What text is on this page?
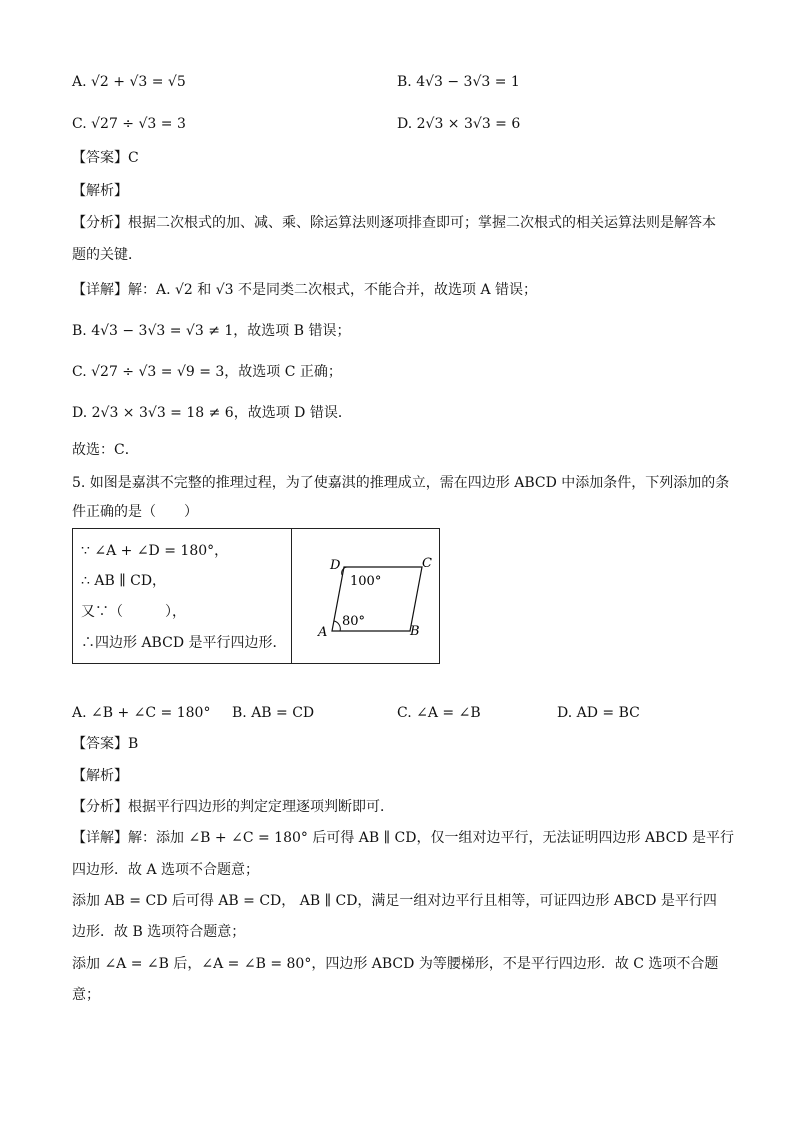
A. √2 + √3 = √5	B. 4√3 − 3√3 = 1
C. √27 ÷ √3 = 3	D. 2√3 × 3√3 = 6
【答案】C
【解析】
【分析】根据二次根式的加、减、乘、除运算法则逐项排查即可；掌握二次根式的相关运算法则是解答本
题的关键．
【详解】解：A. √2 和 √3 不是同类二次根式，不能合并，故选项 A 错误；
B. 4√3 − 3√3 = √3 ≠ 1，故选项 B 错误；
C. √27 ÷ √3 = √9 = 3，故选项 C 正确；
D. 2√3 × 3√3 = 18 ≠ 6，故选项 D 错误．
故选：C．
5. 如图是嘉淇不完整的推理过程，为了使嘉淇的推理成立，需在四边形 ABCD 中添加条件，下列添加的条
件正确的是（　　）
∵ ∠A + ∠D = 180°，
∴ AB ∥ CD，
又∵（　　　），
∴四边形 ABCD 是平行四边形．
D	C
A	B
100°
80°
A. ∠B + ∠C = 180° B. AB = CD	C. ∠A = ∠B	D. AD = BC
【答案】B
【解析】
【分析】根据平行四边形的判定定理逐项判断即可．
【详解】解：添加 ∠B + ∠C = 180° 后可得 AB ∥ CD，仅一组对边平行，无法证明四边形 ABCD 是平行
四边形．故 A 选项不合题意；
添加 AB = CD 后可得 AB = CD， AB ∥ CD，满足一组对边平行且相等，可证四边形 ABCD 是平行四
边形．故 B 选项符合题意；
添加 ∠A = ∠B 后，∠A = ∠B = 80°，四边形 ABCD 为等腰梯形，不是平行四边形．故 C 选项不合题
意；
